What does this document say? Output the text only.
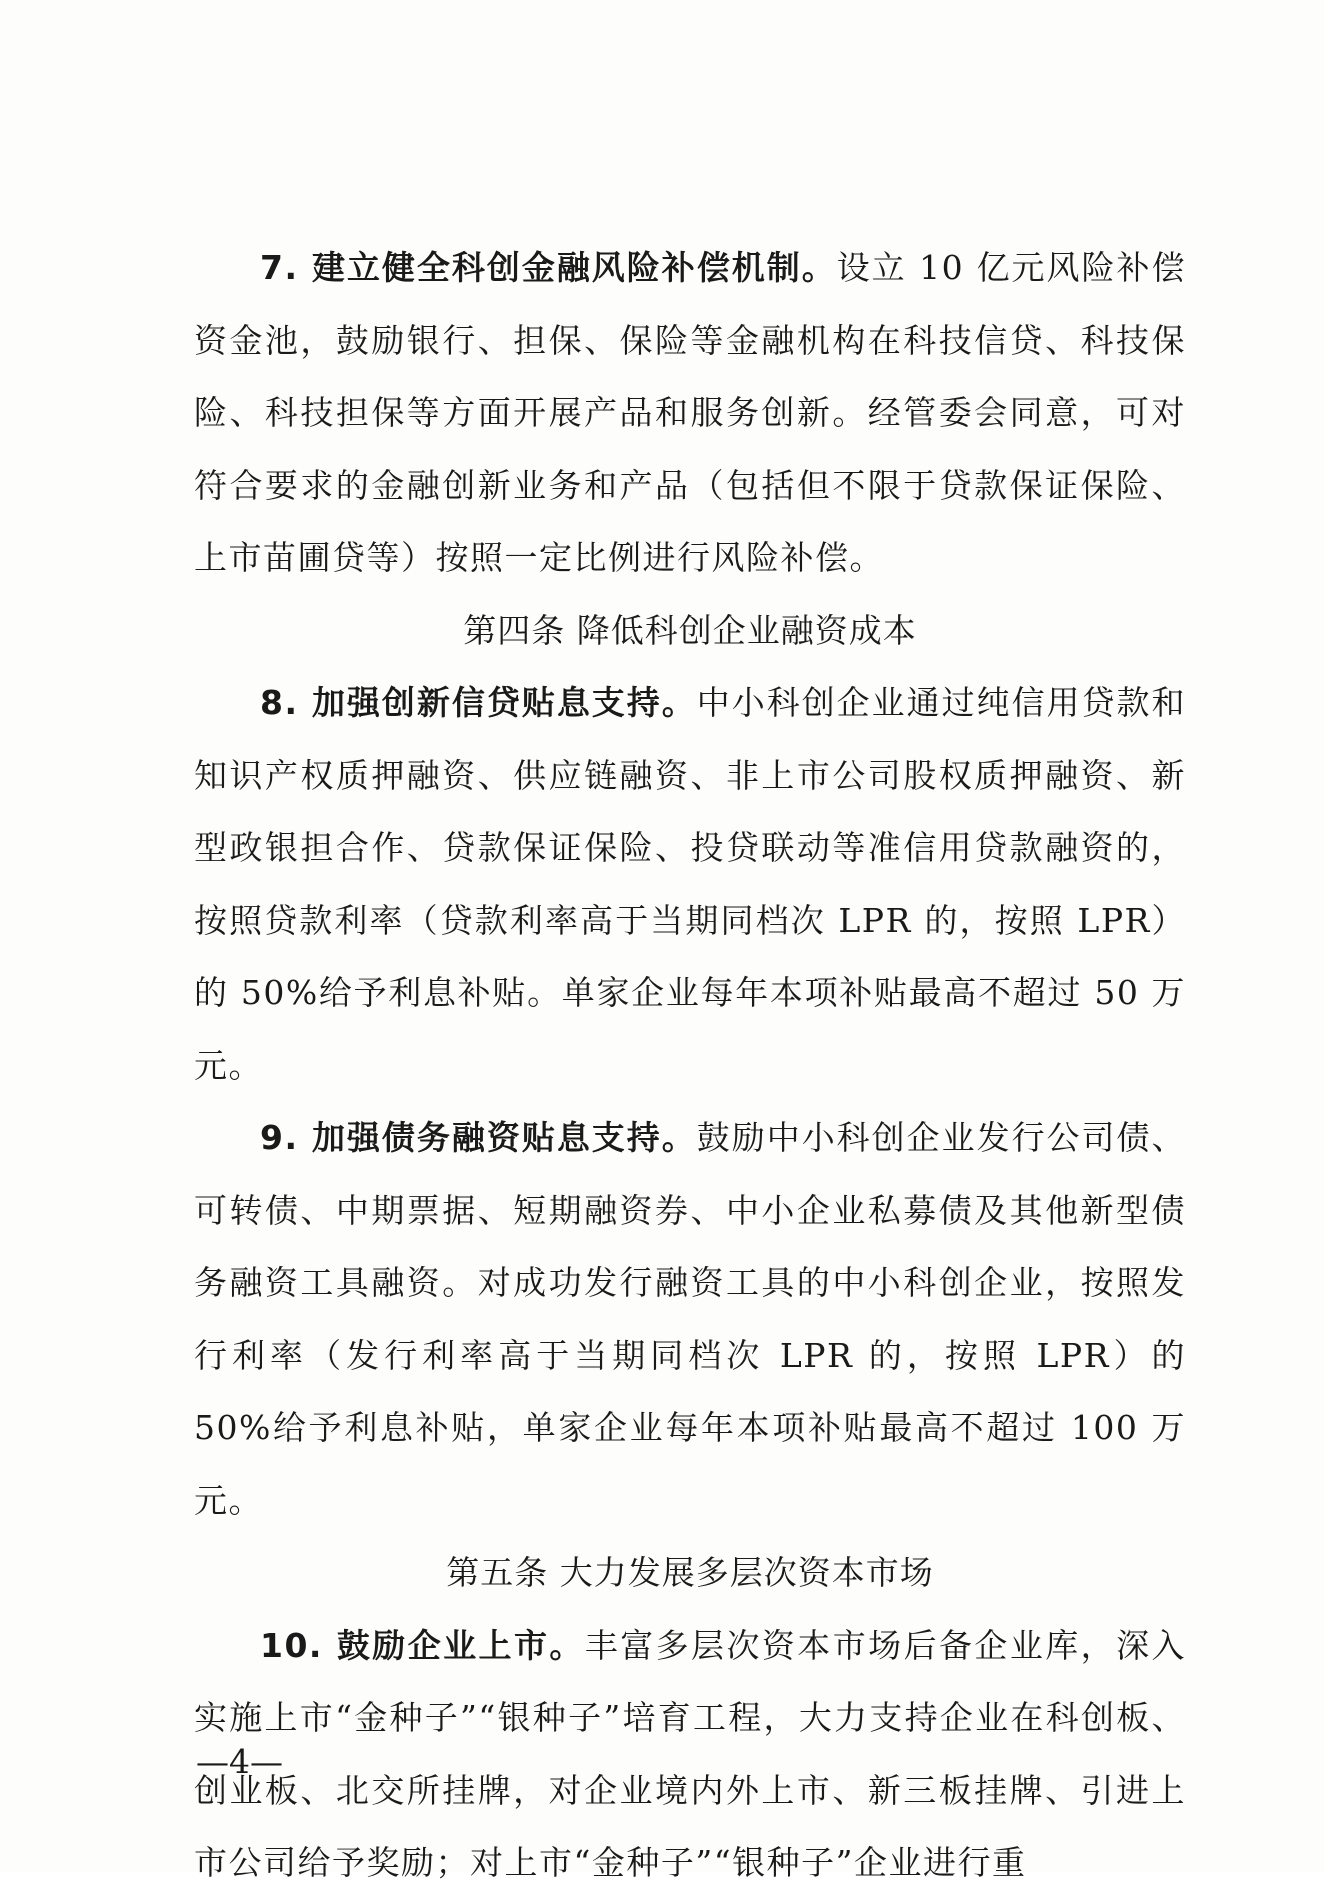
7. 建立健全科创金融风险补偿机制。设立 10 亿元风险补偿资金池，鼓励银行、担保、保险等金融机构在科技信贷、科技保险、科技担保等方面开展产品和服务创新。经管委会同意，可对符合要求的金融创新业务和产品（包括但不限于贷款保证保险、上市苗圃贷等）按照一定比例进行风险补偿。

第四条 降低科创企业融资成本

8. 加强创新信贷贴息支持。中小科创企业通过纯信用贷款和知识产权质押融资、供应链融资、非上市公司股权质押融资、新型政银担合作、贷款保证保险、投贷联动等准信用贷款融资的，按照贷款利率（贷款利率高于当期同档次 LPR 的，按照 LPR）的 50%给予利息补贴。单家企业每年本项补贴最高不超过 50 万元。

9. 加强债务融资贴息支持。鼓励中小科创企业发行公司债、可转债、中期票据、短期融资券、中小企业私募债及其他新型债务融资工具融资。对成功发行融资工具的中小科创企业，按照发行利率（发行利率高于当期同档次 LPR 的，按照 LPR）的 50%给予利息补贴，单家企业每年本项补贴最高不超过 100 万元。

第五条 大力发展多层次资本市场

10. 鼓励企业上市。丰富多层次资本市场后备企业库，深入实施上市“金种子”“银种子”培育工程，大力支持企业在科创板、创业板、北交所挂牌，对企业境内外上市、新三板挂牌、引进上市公司给予奖励；对上市“金种子”“银种子”企业进行重

—4—
